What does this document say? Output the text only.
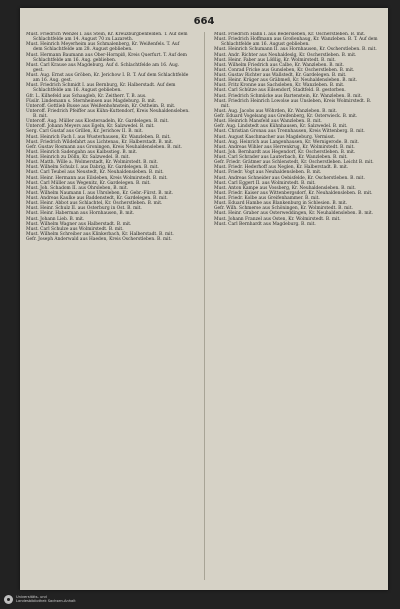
664

Must. Friedrich Wenzel I. aus Stein, Kr. Kreuzburgbenfelden. T. Auf dem Schlachtfelde am 14. August 70 zu Lazareth.

Must. Heinrich Meyerheim aus Schmalenberg, Kr. Weißenfels. T. Auf dem Schlachtfelde am 28. August geblieben.

Must. Hermann Baumann aus Ober-Hornpiß, Kreis Querfurt. T. Auf dem Schlachtfelde am 16. Aug. geblieben.

Must. Carl Krause aus Magdeburg. Auf d. Schlachtfelde am 16. Aug. gest.

Must. Aug. Ernst aus Gröben, Kr. Jerichow I. B. T. Auf dem Schlachtfelde am 16. Aug. gest.

Must. Friedrich Schmidt I. aus Bernburg, Kr. Halberstadt. Auf dem Schlachtfelde am 16. August geblieben.

Gfr. L. Kilhefeld aus Schaugleb, Kr. Zeitherr. T. B. aus.

Füsilr. Lindemann s. Sternheinsen aus Magdeburg. B. mit.

Unteroff. Gottlieb Busse aus Weißenhohnstein, Kr. Ostheim. B. mit.

Unteroff. Friedrich Pfeiffer aus Kühn-Kuttendorf, Kreis Neuhaldensleben. B. mit.

Unteroff. Aug. Müller aus Klostersadeln, Kr. Gardelegen. B. mit.

Unteroff. Johann Meyers aus Egeln, Kr. Salzwedel. B. mit.

Serg. Carl Gustaf aus Grillen, Kr. Jerichow II. B. mit.

Must. Heinrich Fach I. aus Wusterhausen, Kr. Wanzleben. B. mit.

Must. Friedrich Wildefahrt aus Lichtenau, Kr. Halberstadt. B. mit.

Gefr. Gustav Rosmann aus Groningen, Kreis Neuhaldensleben. B. mit.

Must. Heinrich Sadengahn aus Kalbsstieg. B. mit.

Must. Heinrich zu Dölln, Kr. Salzwedel. B. mit.

Must. Matth. Wille a. Wolmerstadt, Kr. Wolmirstedt. B. mit.

Must. Wilhelm Schulz I. aus Dabrig, Kr. Gardelegen. B. mit.

Must. Carl Teubel aus Neustedt, Kr. Neuhaldensleben. B. mit.

Must. Heinr. Hermann aus Eilsleben, Kreis Wolmirstedt. B. mit.

Must. Carl Müller aus Wegenitz, Kr. Gardelegen. B. mit.

Must. Joh. Schadom II. aus Ohrsleben, B. mit.

Must. Wilhelm Naumann I. aus Uhrsleben, Kr. Gebr.-Fürst. B. mit.

Must. Andreas Kaulke aus Baddenstedt, Kr. Gardelegen. B. mit.

Must. Heinr. Abbot aus Schlachtel, Kr. Oscherstleben. B. mit.

Must. Heinr. Schulz II. aus Osterburg in Ost. B. mit.

Must. Heinr. Haberman aus Hornhausen, B. mit.

Must. Johann Lieb. B. mit.

Must. Wilhelm Wagner aus Halberstadt. B. mit.

Must. Carl Schulze aus Wolmirstedt. B. mit.

Must. Wilhelm Schreiber aus Klinkerbach, Kr. Halberstadt. B. mit.

Gefr. Joseph Anderwald aus Haeden, Kreis Oscherstleben. B. mit.

Must. Friedrich Hahn I. aus Bedersleben, Kr. Oscherstleben. B. mit.

Must. Friedrich Hoffmann aus Großenhaug, Kr. Wanzleben. B. T. Auf dem Schlachtfelde am 16. August geblieben.

Must. Heinrich Schumann II. aus Hornhausen, Kr. Oscherstleben. B. mit.

Must. Andr. Richter aus Neuhaldeslg, Kr. Oscherstleben. B. mit.

Must. Heinr. Faber aus Lößlig, Kr. Wolmirstedt. B. mit.

Must. Wilhelm Friedrich aus Calbe, Kr. Wanzleben. B. mit.

Must. Conrad Fricke aus Gunsleben, Kr. Oscherstleben. B. mit.

Must. Gustav Richter aus Wallstedt, Kr. Gardelegen. B. mit.

Must. Heinr. Krüger aus Gräbmeß, Kr. Neuhaldensleben. B. mit.

Must. Fritz Kronne aus Sachsleben, Kr. Wanzleben. B. mit.

Must. Carl Schütze aus Eilsendorf, Stadtfeld. B. gestorben.

Must. Friedrich Schmücke aus Bartenstein, Kr. Wanzleben. B. mit.

Must. Friedrich Heinrich Lowolse aus Unsleben, Kreis Wolmirstedt. B. mit.

Must. Aug. Jacobs aus Wöhrden, Kr. Wanzleben. B. mit.

Gefr. Eduard Vogelsang aus Greifenberg, Kr. Osterwieck. B. mit.

Must. Heinrich Mansfeld aus Wanzleben. B. mit.

Gefr. Aug. Lindstedt aus Kühnhausen, Kr. Salzwedel. B. mit.

Must. Christian Gronau aus Trennhausen, Kreis Wittenberg. B. mit.

Must. August Kaschmacher aus Magdeburg. Vermisst.

Must. Aug. Heinrich aus Langenhausen, Kr. Wernigerode. B. mit.

Must. Andreas Wihler aus Herrenkrug, Kr. Wolmirstedt. B. mit.

Must. Joh. Bernhardt aus Hegendorf, Kr. Oscherstleben. B. mit.

Must. Carl Schrader aus Lauterbach, Kr. Wanzleben. B. mit.

Gefr. Friedr. Grätmer aus Schlenstedt, Kr. Oscherstleben. Leicht B. mit.

Must. Friedr. Hederhoff aus Neglen, Kr. Halberstadt. B. mit.

Must. Friedr. Vogt aus Neuhaldensleben. B. mit.

Must. Andreas Schneider aus Oebisfelde, Kr. Oscherstleben. B. mit.

Must. Carl Eggert II. aus Wolmirstedt. B. mit.

Must. Anton Kampe aus Vossberg, Kr. Neuhaldensleben. B. mit.

Must. Friedr. Kaiser aus Wittenbergsdorf, Kr. Neuhaldensleben. B. mit.

Must. Friedr. Kolbe aus Greifenhammer. B. mit.

Must. Eduard Hambe aus Blankenburg in Schlesien. B. mit.

Gefr. Wilh. Schmerse aus Schöningen, Kr. Wolmirstedt. B. mit.

Must. Heinr. Graber aus Osterweddingen, Kr. Neuhaldensleben. B. mit.

Must. Johann Franzel aus Osten, Kr. Wolmirstedt. B. mit.

Must. Carl Bernhardt aus Magdeburg. B. mit.

Universitäts- und
Landesbibliothek Sachsen-Anhalt
